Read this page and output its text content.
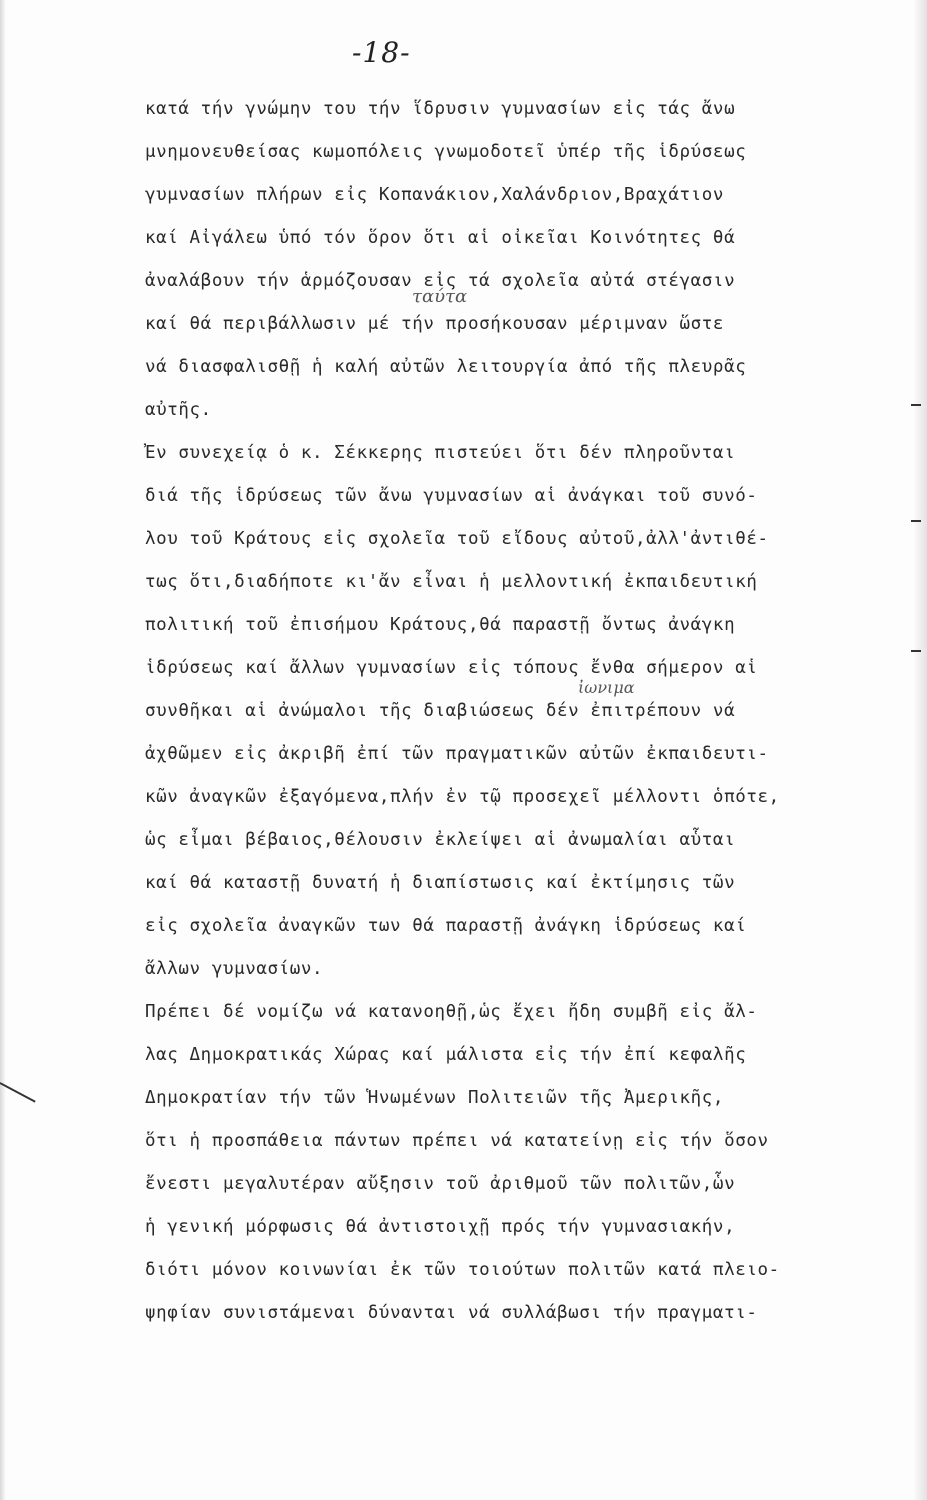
-18-
κατά τήν γνώμην του τήν ἵδρυσιν γυμνασίων εἰς τάς ἄνω
μνημονευθείσας κωμοπόλεις γνωμοδοτεῖ ὑπέρ τῆς ἱδρύσεως
γυμνασίων πλήρων εἰς Κοπανάκιον,Χαλάνδριον,Βραχάτιον
καί Αἰγάλεω ὑπό τόν ὅρον ὅτι αἱ οἰκεῖαι Κοινότητες θά
ἀναλάβουν τήν ἁρμόζουσαν εἰς τά σχολεῖα αὐτά στέγασιν
καί θά περιβάλλωσιν μέ τήν προσήκουσαν μέριμναν ὥστε
νά διασφαλισθῇ ἡ καλή αὐτῶν λειτουργία ἀπό τῆς πλευρᾶς
αὐτῆς.
Ἐν συνεχείᾳ ὁ κ. Σέκκερης πιστεύει ὅτι δέν πληροῦνται
διά τῆς ἱδρύσεως τῶν ἄνω γυμνασίων αἱ ἀνάγκαι τοῦ συνό-
λου τοῦ Κράτους εἰς σχολεῖα τοῦ εἴδους αὐτοῦ,ἀλλ'ἀντιθέ-
τως ὅτι,διαδήποτε κι'ἄν εἶναι ἡ μελλοντική ἐκπαιδευτική
πολιτική τοῦ ἐπισήμου Κράτους,θά παραστῇ ὄντως ἀνάγκη
ἱδρύσεως καί ἄλλων γυμνασίων εἰς τόπους ἔνθα σήμερον αἱ
συνθῆκαι αἱ ἀνώμαλοι τῆς διαβιώσεως δέν ἐπιτρέπουν νά
ἀχθῶμεν εἰς ἀκριβῆ ἐπί τῶν πραγματικῶν αὐτῶν ἐκπαιδευτι-
κῶν ἀναγκῶν ἐξαγόμενα,πλήν ἐν τῷ προσεχεῖ μέλλοντι ὁπότε,
ὡς εἶμαι βέβαιος,θέλουσιν ἐκλείψει αἱ ἀνωμαλίαι αὗται
καί θά καταστῇ δυνατή ἡ διαπίστωσις καί ἐκτίμησις τῶν
εἰς σχολεῖα ἀναγκῶν των θά παραστῇ ἀνάγκη ἱδρύσεως καί
ἄλλων γυμνασίων.
Πρέπει δέ νομίζω νά κατανοηθῇ,ὡς ἔχει ἤδη συμβῆ εἰς ἄλ-
λας Δημοκρατικάς Χώρας καί μάλιστα εἰς τήν ἐπί κεφαλῆς
Δημοκρατίαν τήν τῶν Ἡνωμένων Πολιτειῶν τῆς Ἀμερικῆς,
ὅτι ἡ προσπάθεια πάντων πρέπει νά κατατείνῃ εἰς τήν ὅσον
ἔνεστι μεγαλυτέραν αὔξησιν τοῦ ἀριθμοῦ τῶν πολιτῶν,ὧν
ἡ γενική μόρφωσις θά ἀντιστοιχῇ πρός τήν γυμνασιακήν,
διότι μόνον κοινωνίαι ἐκ τῶν τοιούτων πολιτῶν κατά πλειο-
ψηφίαν συνιστάμεναι δύνανται νά συλλάβωσι τήν πραγματι-
ταύτα
ἰωνιμα
